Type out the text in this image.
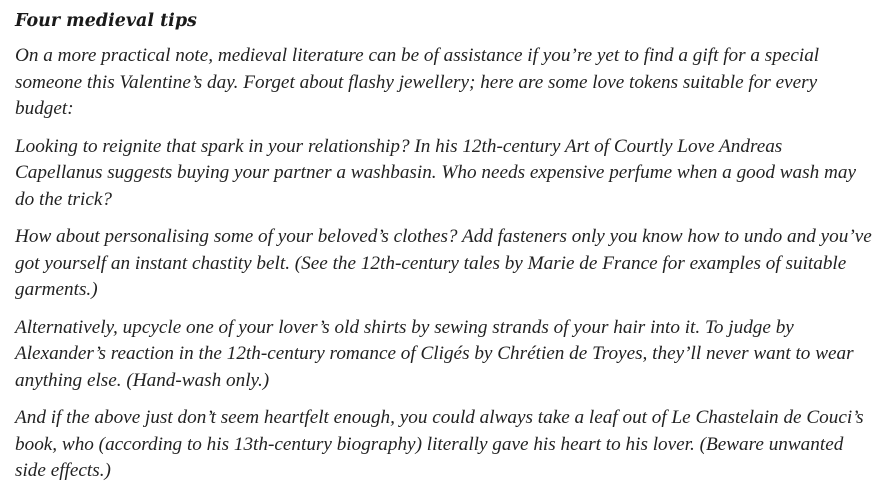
Four medieval tips

On a more practical note, medieval literature can be of assistance if you’re yet to find a gift for a special someone this Valentine’s day. Forget about flashy jewellery; here are some love tokens suitable for every budget:

Looking to reignite that spark in your relationship? In his 12th-century Art of Courtly Love Andreas Capellanus suggests buying your partner a washbasin. Who needs expensive perfume when a good wash may do the trick?

How about personalising some of your beloved’s clothes? Add fasteners only you know how to undo and you’ve got yourself an instant chastity belt. (See the 12th-century tales by Marie de France for examples of suitable garments.)

Alternatively, upcycle one of your lover’s old shirts by sewing strands of your hair into it. To judge by Alexander’s reaction in the 12th-century romance of Cligés by Chrétien de Troyes, they’ll never want to wear anything else. (Hand-wash only.)

And if the above just don’t seem heartfelt enough, you could always take a leaf out of Le Chastelain de Couci’s book, who (according to his 13th-century biography) literally gave his heart to his lover. (Beware unwanted side effects.)
